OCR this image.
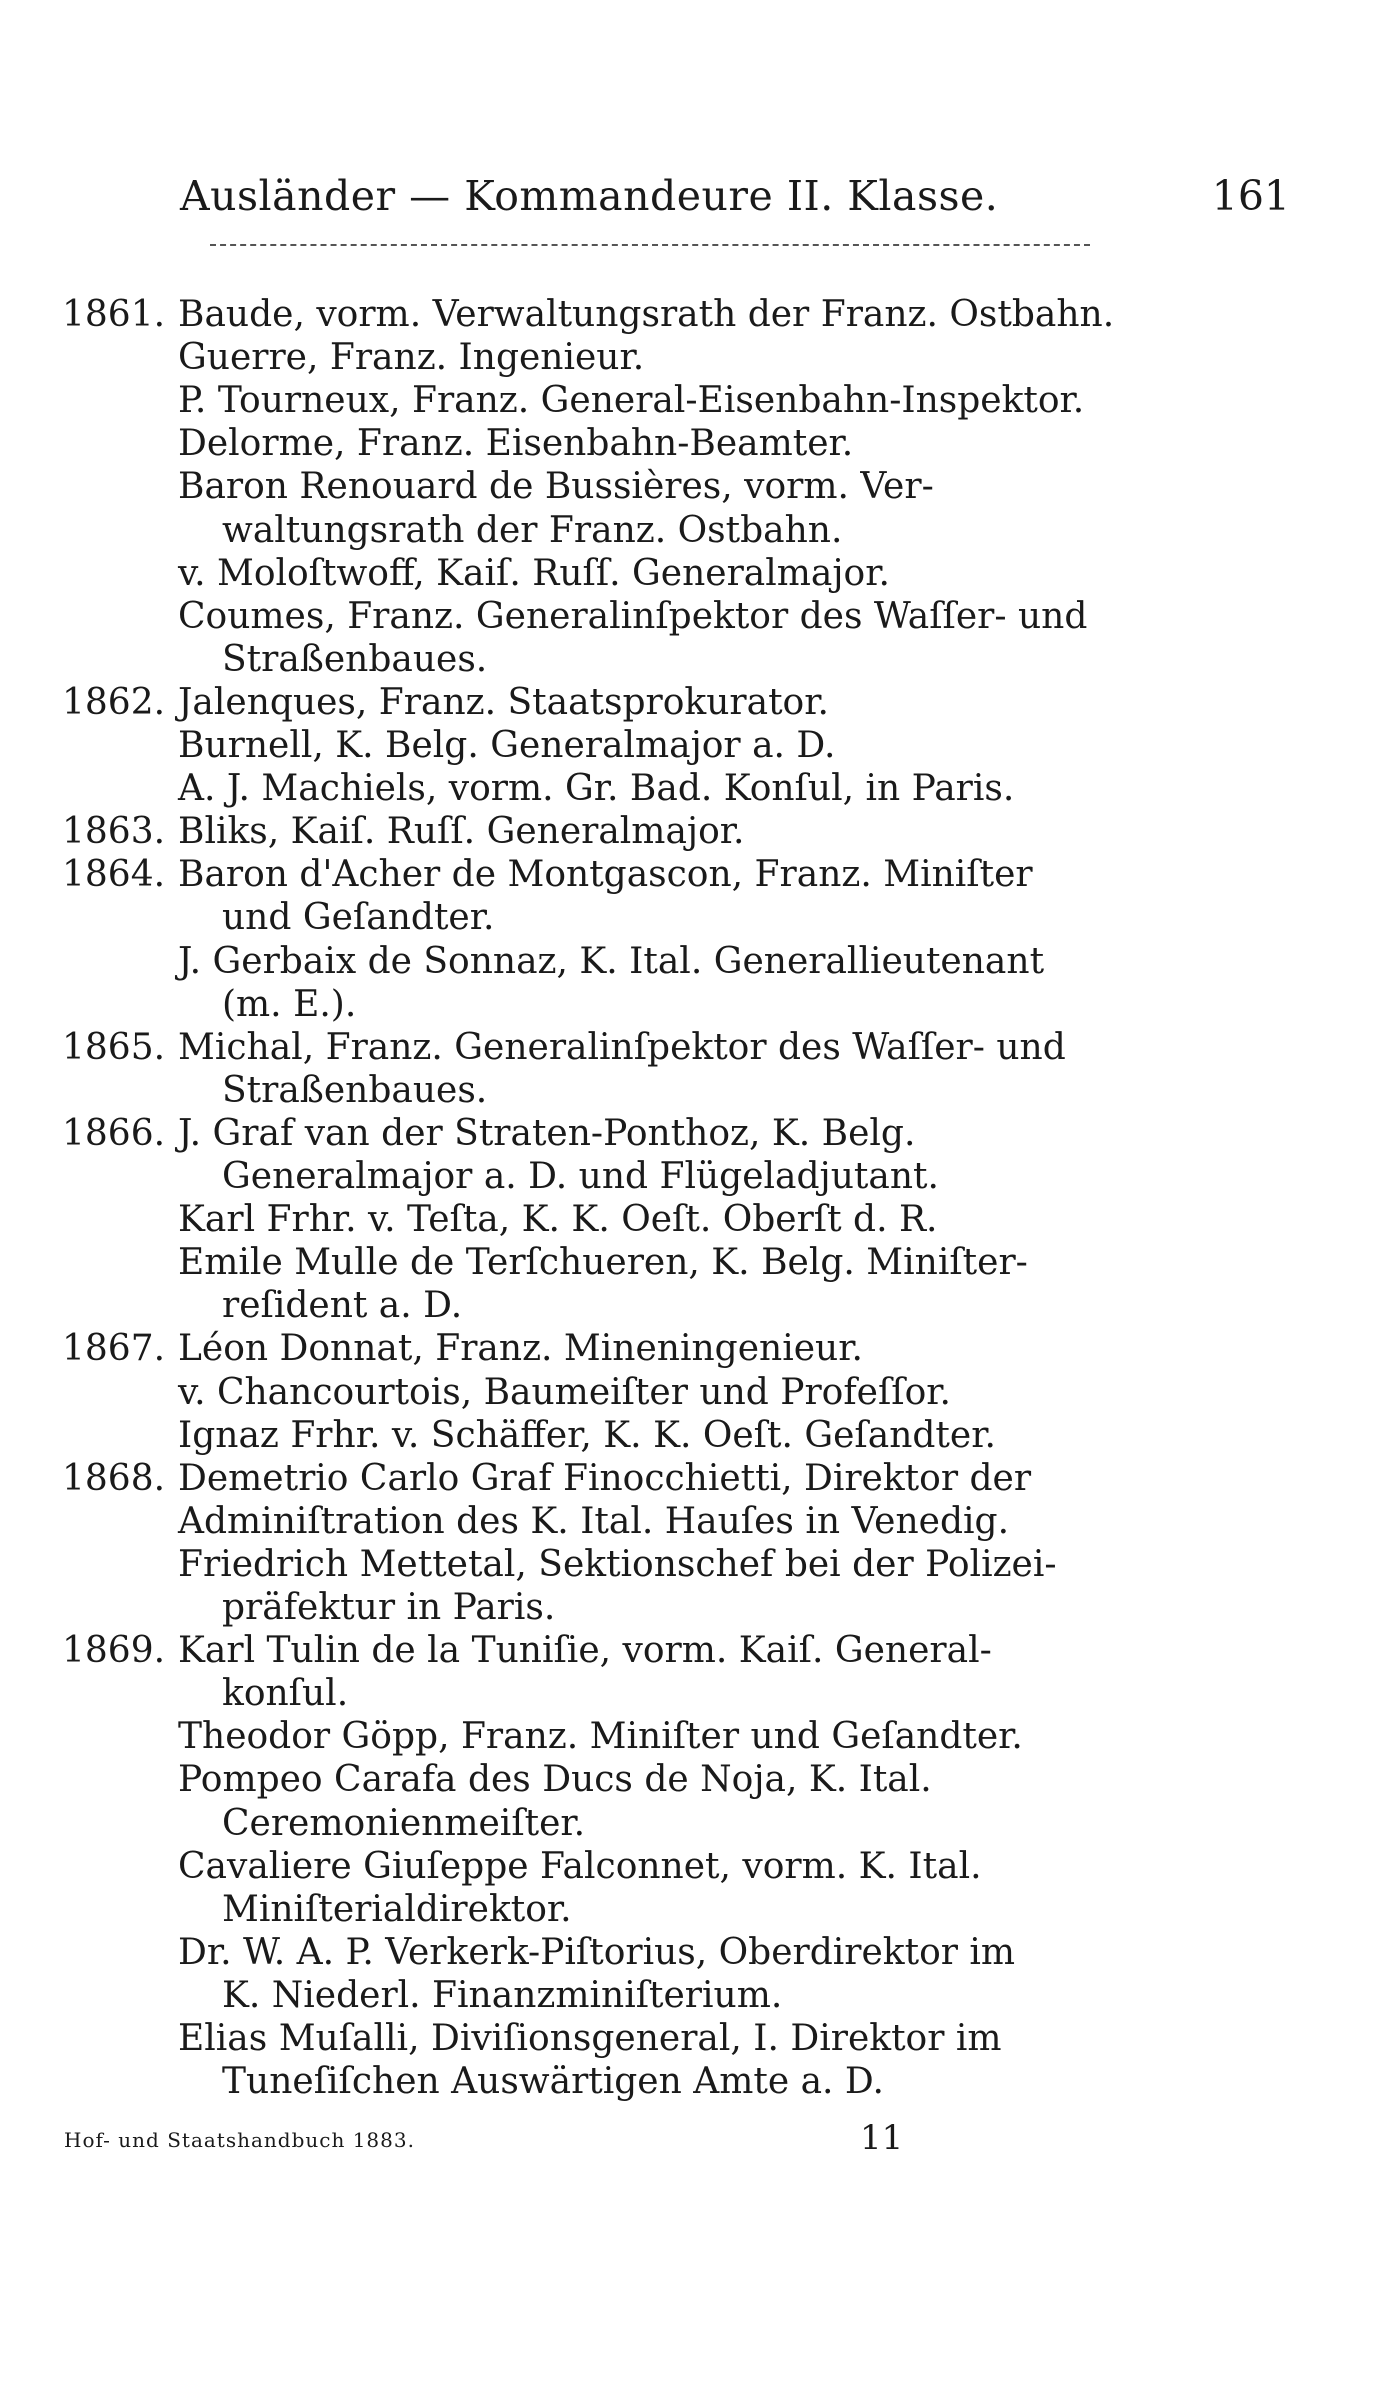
Ausländer — Kommandeure II. Klasse.	161
1861. Baude, vorm. Verwaltungsrath der Franz. Ostbahn.
Guerre, Franz. Ingenieur.
P. Tourneux, Franz. General-Eisenbahn-Inspektor.
Delorme, Franz. Eisenbahn-Beamter.
Baron Renouard de Bussières, vorm. Ver-
waltungsrath der Franz. Ostbahn.
v. Moloſtwoff, Kaiſ. Ruſſ. Generalmajor.
Coumes, Franz. Generalinſpektor des Waſſer- und
Straßenbaues.
1862. Jalenques, Franz. Staatsprokurator.
Burnell, K. Belg. Generalmajor a. D.
A. J. Machiels, vorm. Gr. Bad. Konſul, in Paris.
1863. Bliks, Kaiſ. Ruſſ. Generalmajor.
1864. Baron d'Acher de Montgascon, Franz. Miniſter
und Geſandter.
J. Gerbaix de Sonnaz, K. Ital. Generallieutenant
(m. E.).
1865. Michal, Franz. Generalinſpektor des Waſſer- und
Straßenbaues.
1866. J. Graf van der Straten-Ponthoz, K. Belg.
Generalmajor a. D. und Flügeladjutant.
Karl Frhr. v. Teſta, K. K. Oeſt. Oberſt d. R.
Emile Mulle de Terſchueren, K. Belg. Miniſter-
reſident a. D.
1867. Léon Donnat, Franz. Mineningenieur.
v. Chancourtois, Baumeiſter und Profeſſor.
Ignaz Frhr. v. Schäffer, K. K. Oeſt. Geſandter.
1868. Demetrio Carlo Graf Finocchietti, Direktor der
Adminiſtration des K. Ital. Hauſes in Venedig.
Friedrich Mettetal, Sektionschef bei der Polizei-
präfektur in Paris.
1869. Karl Tulin de la Tuniſie, vorm. Kaiſ. General-
konſul.
Theodor Göpp, Franz. Miniſter und Geſandter.
Pompeo Carafa des Ducs de Noja, K. Ital.
Ceremonienmeiſter.
Cavaliere Giuſeppe Falconnet, vorm. K. Ital.
Miniſterialdirektor.
Dr. W. A. P. Verkerk-Piſtorius, Oberdirektor im
K. Niederl. Finanzminiſterium.
Elias Muſalli, Diviſionsgeneral, I. Direktor im
Tuneſiſchen Auswärtigen Amte a. D.
Hof- und Staatshandbuch 1883.	11
